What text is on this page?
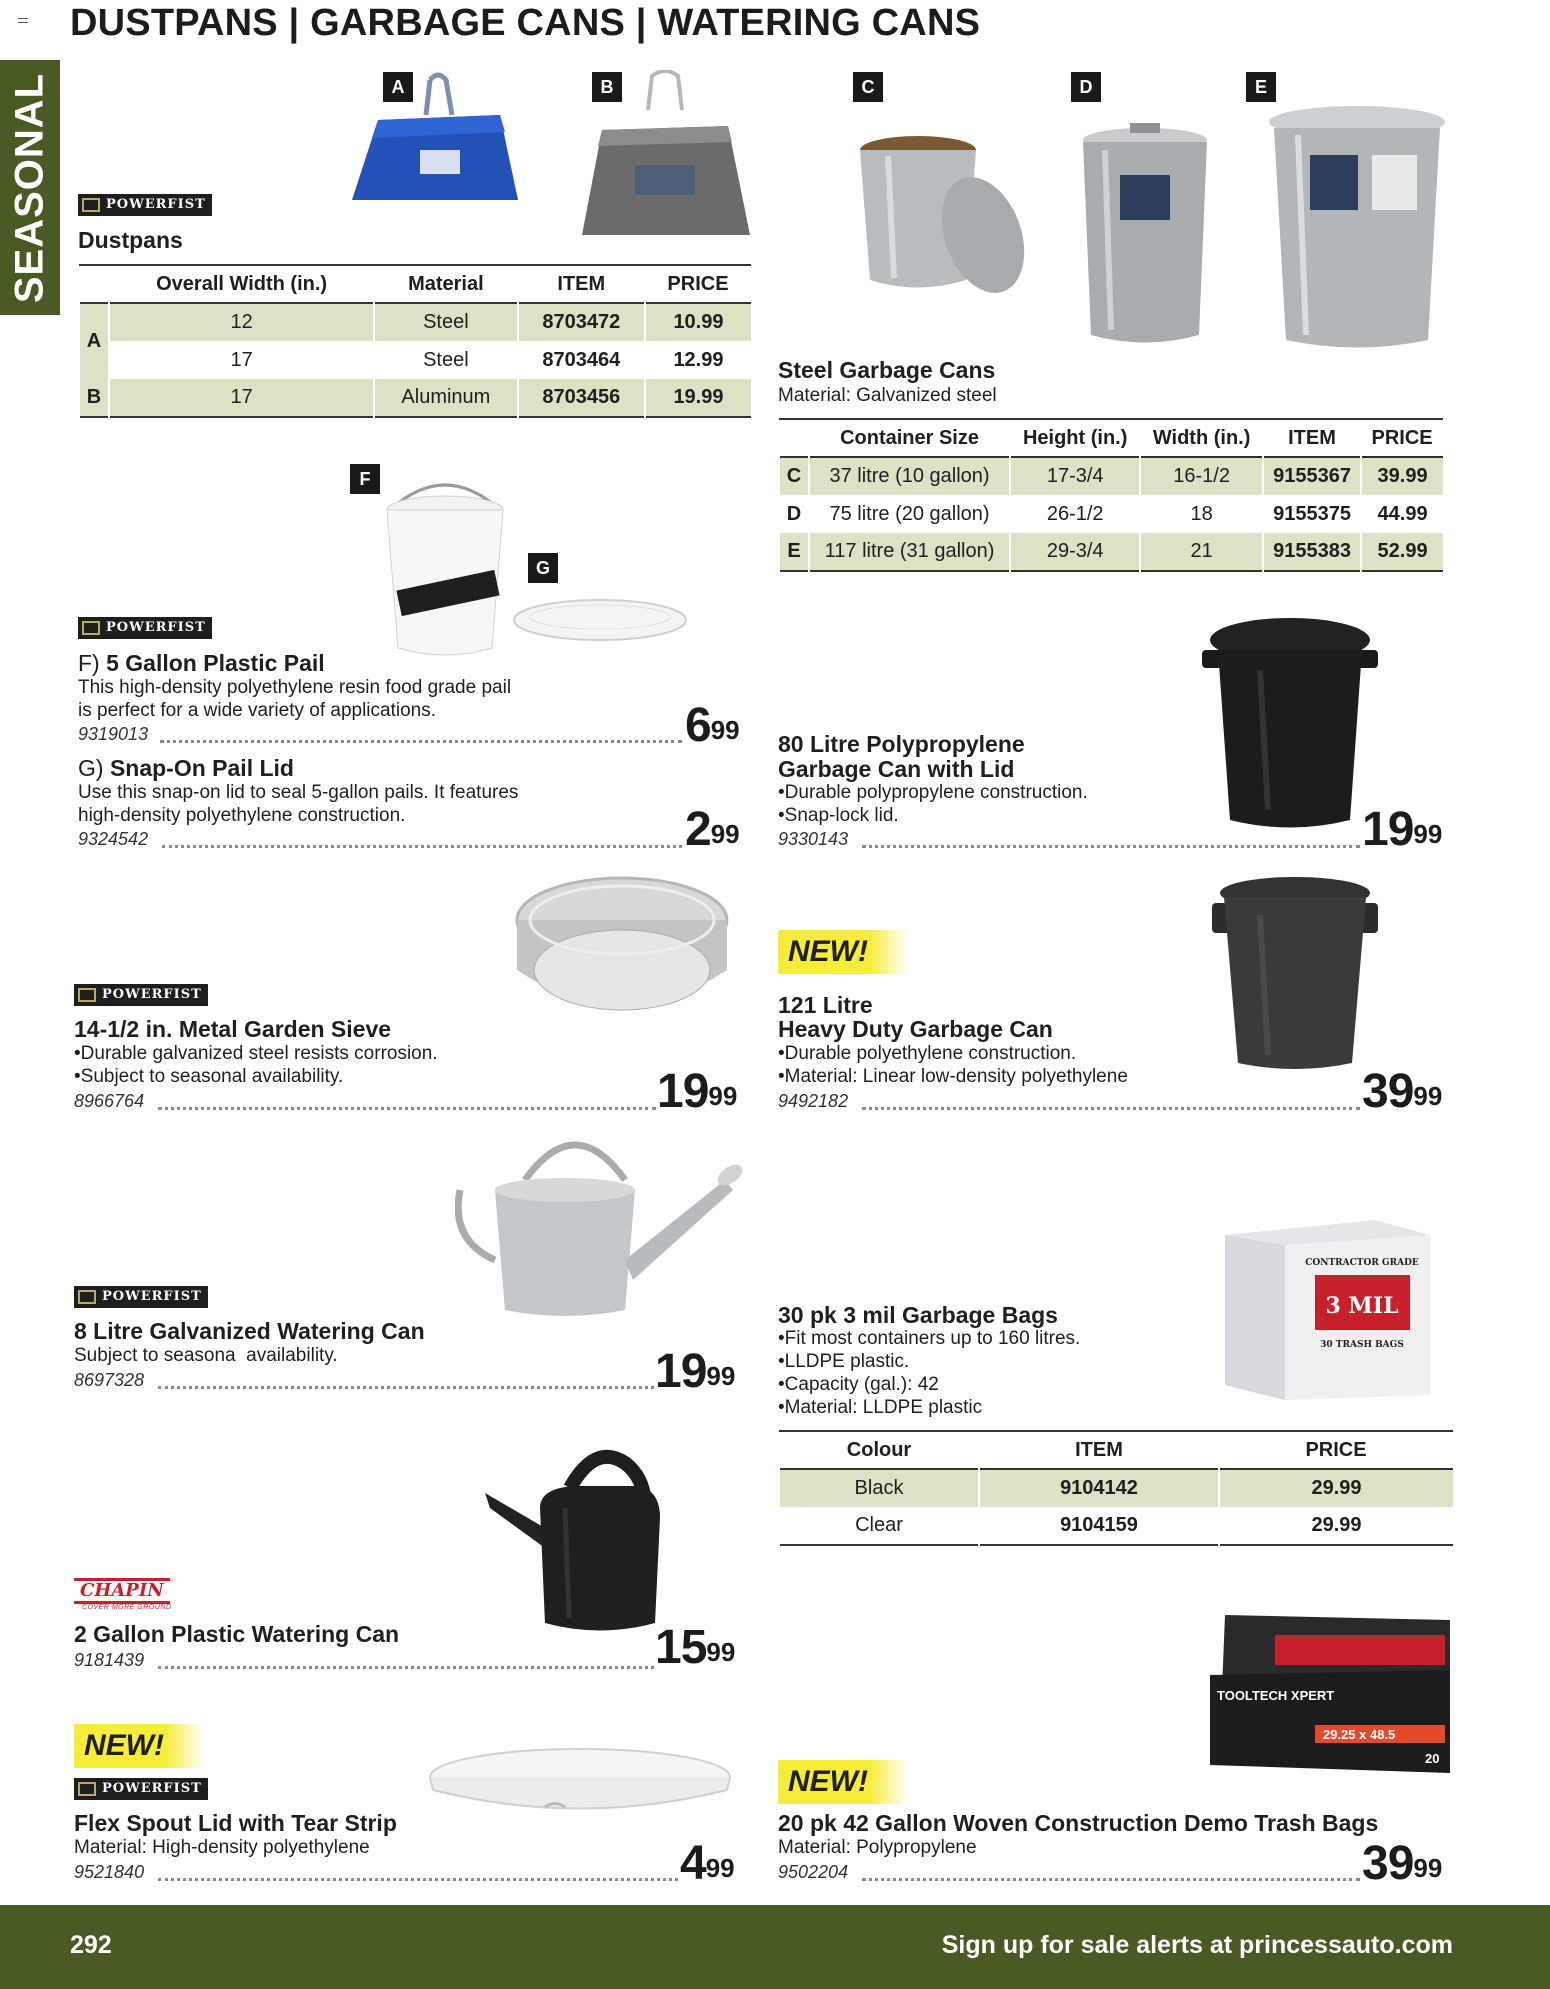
DUSTPANS | GARBAGE CANS | WATERING CANS
SEASONAL	A	B
POWERFIST
Dustpans
	Overall Width (in.)	Material	ITEM	PRICE
A	12	Steel	8703472	10.99
	17	Steel	8703464	12.99
B	17	Aluminum	8703456	19.99
C	D	E
Steel Garbage Cans
Material: Galvanized steel
	Container Size	Height (in.)	Width (in.)	ITEM	PRICE
C	37 litre (10 gallon)	17-3/4	16-1/2	9155367	39.99
D	75 litre (20 gallon)	26-1/2	18	9155375	44.99
E	117 litre (31 gallon)	29-3/4	21	9155383	52.99
F
G
POWERFIST
F) 5 Gallon Plastic Pail
This high-density polyethylene resin food grade pail
is perfect for a wide variety of applications.
9319013	$6^{99}$
G) Snap-On Pail Lid
Use this snap-on lid to seal 5-gallon pails. It features
high-density polyethylene construction.
9324542	$2^{99}$
80 Litre Polypropylene
Garbage Can with Lid
•Durable polypropylene construction.
•Snap-lock lid.
9330143	$19^{99}$
POWERFIST
14-1/2 in. Metal Garden Sieve
•Durable galvanized steel resists corrosion.
•Subject to seasonal availability.
8966764	$19^{99}$
NEW!
121 Litre
Heavy Duty Garbage Can
•Durable polyethylene construction.
•Material: Linear low-density polyethylene
9492182	$39^{99}$
POWERFIST
8 Litre Galvanized Watering Can
Subject to seasona  availability.
8697328	$19^{99}$
CONTRACTOR GRADE
3 MIL
30 TRASH BAGS
30 pk 3 mil Garbage Bags
•Fit most containers up to 160 litres.
•LLDPE plastic.
•Capacity (gal.): 42
•Material: LLDPE plastic
Colour	ITEM	PRICE
Black	9104142	29.99
Clear	9104159	29.99
CHAPIN
COVER MORE GROUND
2 Gallon Plastic Watering Can
9181439	$15^{99}$
NEW!
POWERFIST
Flex Spout Lid with Tear Strip
Material: High-density polyethylene
9521840	$4^{99}$
TOOLTECH XPERT
29.25 x 48.5
20
NEW!
20 pk 42 Gallon Woven Construction Demo Trash Bags
Material: Polypropylene
9502204	$39^{99}$
292	Sign up for sale alerts at princessauto.com
